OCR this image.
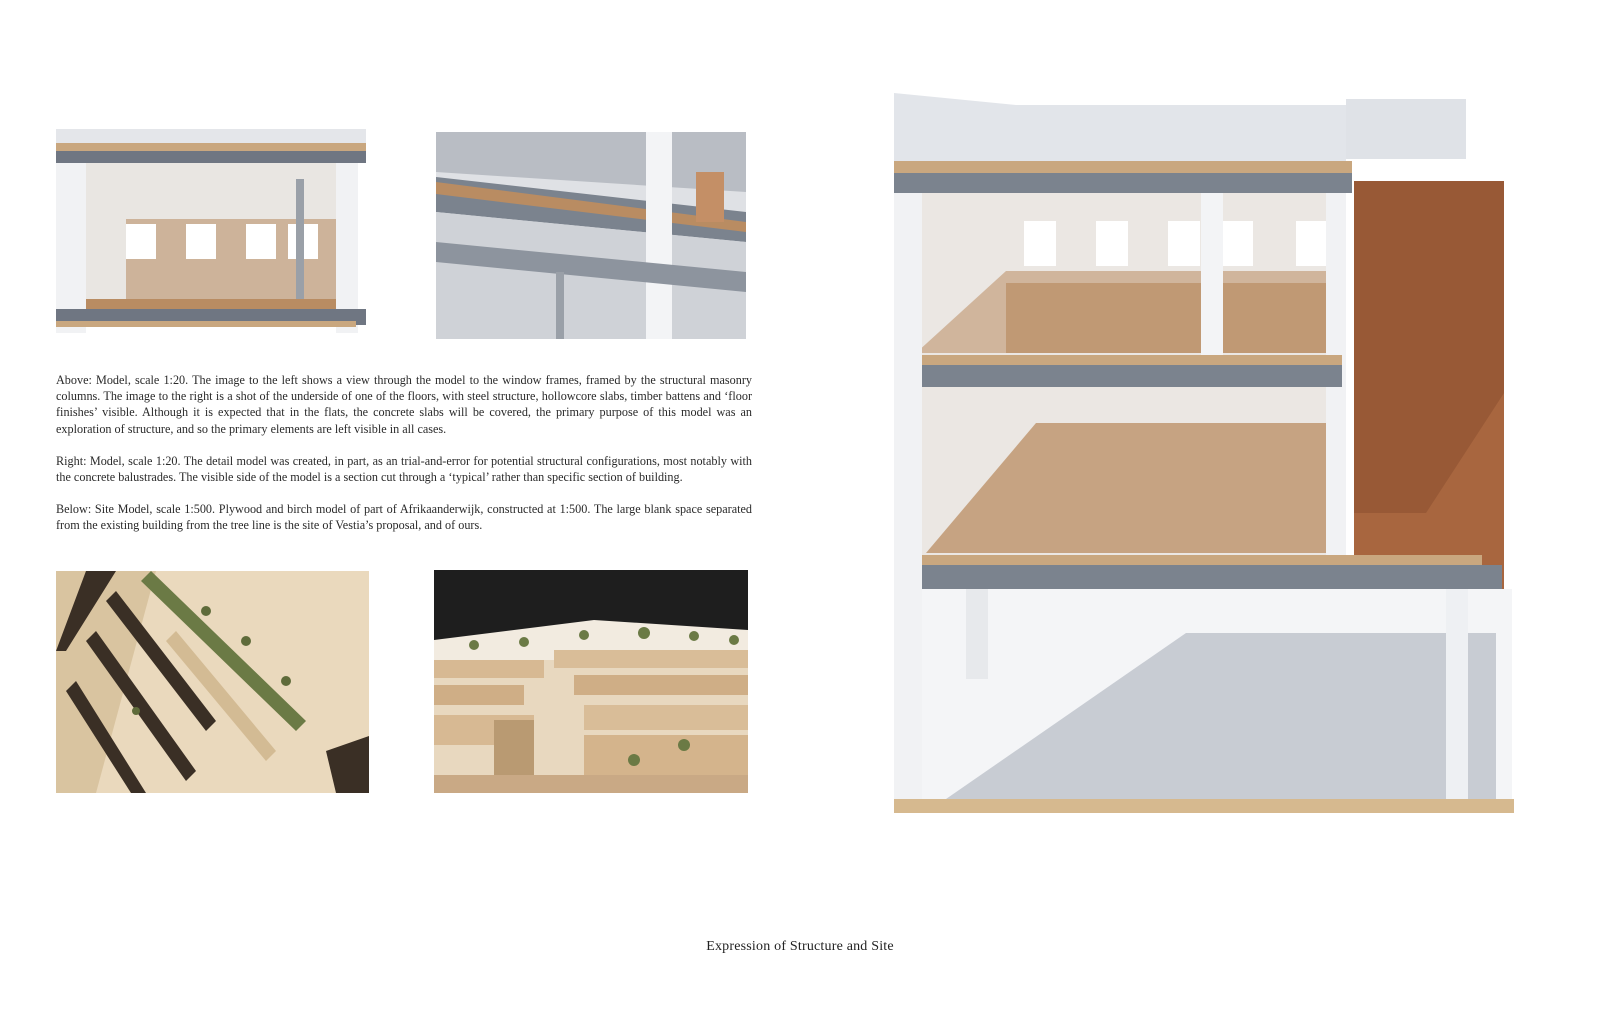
Above: Model, scale 1:20. The image to the left shows a view through the model to the window frames, framed by the structural masonry columns. The image to the right is a shot of the underside of one of the floors, with steel structure, hollowcore slabs, timber battens and ‘floor finishes’ visible. Although it is expected that in the flats, the concrete slabs will be covered, the primary purpose of this model was an exploration of structure, and so the primary elements are left visible in all cases.

Right: Model, scale 1:20. The detail model was created, in part, as an trial-and-error for potential structural configurations, most notably with the concrete balustrades. The visible side of the model is a section cut through a ‘typical’ rather than specific section of building.

Below: Site Model, scale 1:500. Plywood and birch model of part of Afrikaanderwijk, constructed at 1:500. The large blank space separated from the existing building from the tree line is the site of Vestia’s proposal, and of ours.

Expression of Structure and Site
